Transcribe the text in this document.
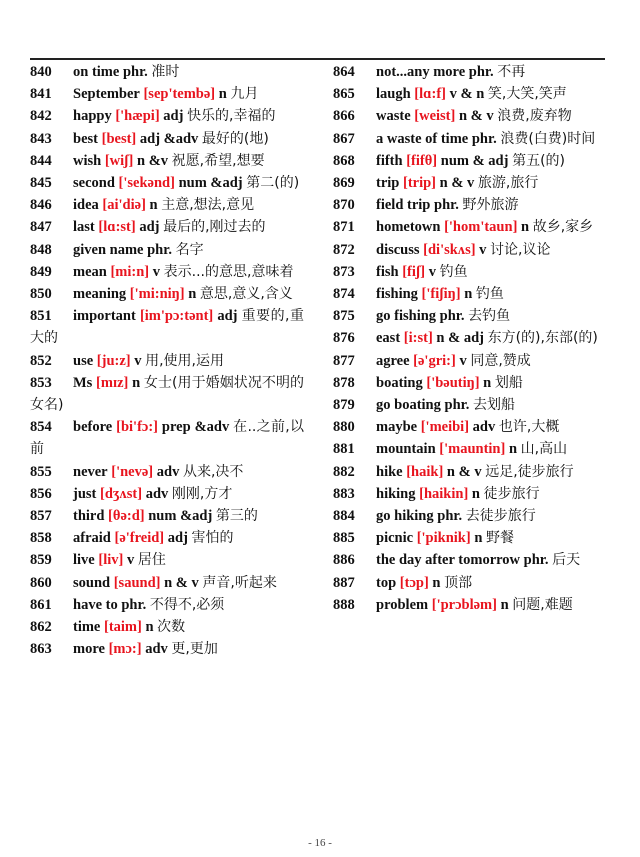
840 on time phr. 准时
841 September [sep'tembə] n 九月
842 happy ['hæpi] adj 快乐的,幸福的
843 best [best] adj &adv 最好的(地)
844 wish [wiʃ] n &v 祝愿,希望,想要
845 second ['sekənd] num &adj 第二(的)
846 idea [ai'diə] n 主意,想法,意见
847 last [lɑ:st] adj 最后的,刚过去的
848 given name phr. 名字
849 mean [mi:n] v 表示...的意思,意味着
850 meaning ['mi:niŋ] n 意思,意义,含义
851 important [im'pɔ:tənt] adj 重要的,重大的
852 use [ju:z] v 用,使用,运用
853 Ms [mɪz] n 女士(用于婚姻状况不明的女名)
854 before [bi'fɔ:] prep &adv 在..之前,以前
855 never ['nevə] adv 从来,决不
856 just [dʒʌst] adv 刚刚,方才
857 third [θə:d] num &adj 第三的
858 afraid [ə'freid] adj 害怕的
859 live [liv] v 居住
860 sound [saund] n & v 声音,听起来
861 have to phr. 不得不,必须
862 time [taim] n 次数
863 more [mɔ:] adv 更,更加
864 not...any more phr. 不再
865 laugh [lɑ:f] v & n 笑,大笑,笑声
866 waste [weist] n & v 浪费,废弃物
867 a waste of time phr. 浪费(白费)时间
868 fifth [fifθ] num & adj 第五(的)
869 trip [trip] n & v 旅游,旅行
870 field trip phr. 野外旅游
871 hometown ['hom'taun] n 故乡,家乡
872 discuss [di'skʌs] v 讨论,议论
873 fish [fiʃ] v 钓鱼
874 fishing ['fiʃiŋ] n 钓鱼
875 go fishing phr. 去钓鱼
876 east [i:st] n & adj 东方(的),东部(的)
877 agree [ə'gri:] v 同意,赞成
878 boating ['bəutiŋ] n 划船
879 go boating phr. 去划船
880 maybe ['meibi] adv 也许,大概
881 mountain ['mauntin] n 山,高山
882 hike [haik] n & v 远足,徒步旅行
883 hiking [haikin] n 徒步旅行
884 go hiking phr. 去徒步旅行
885 picnic ['piknik] n 野餐
886 the day after tomorrow phr. 后天
887 top [tɔp] n 顶部
888 problem ['prɔbləm] n 问题,难题
- 16 -
